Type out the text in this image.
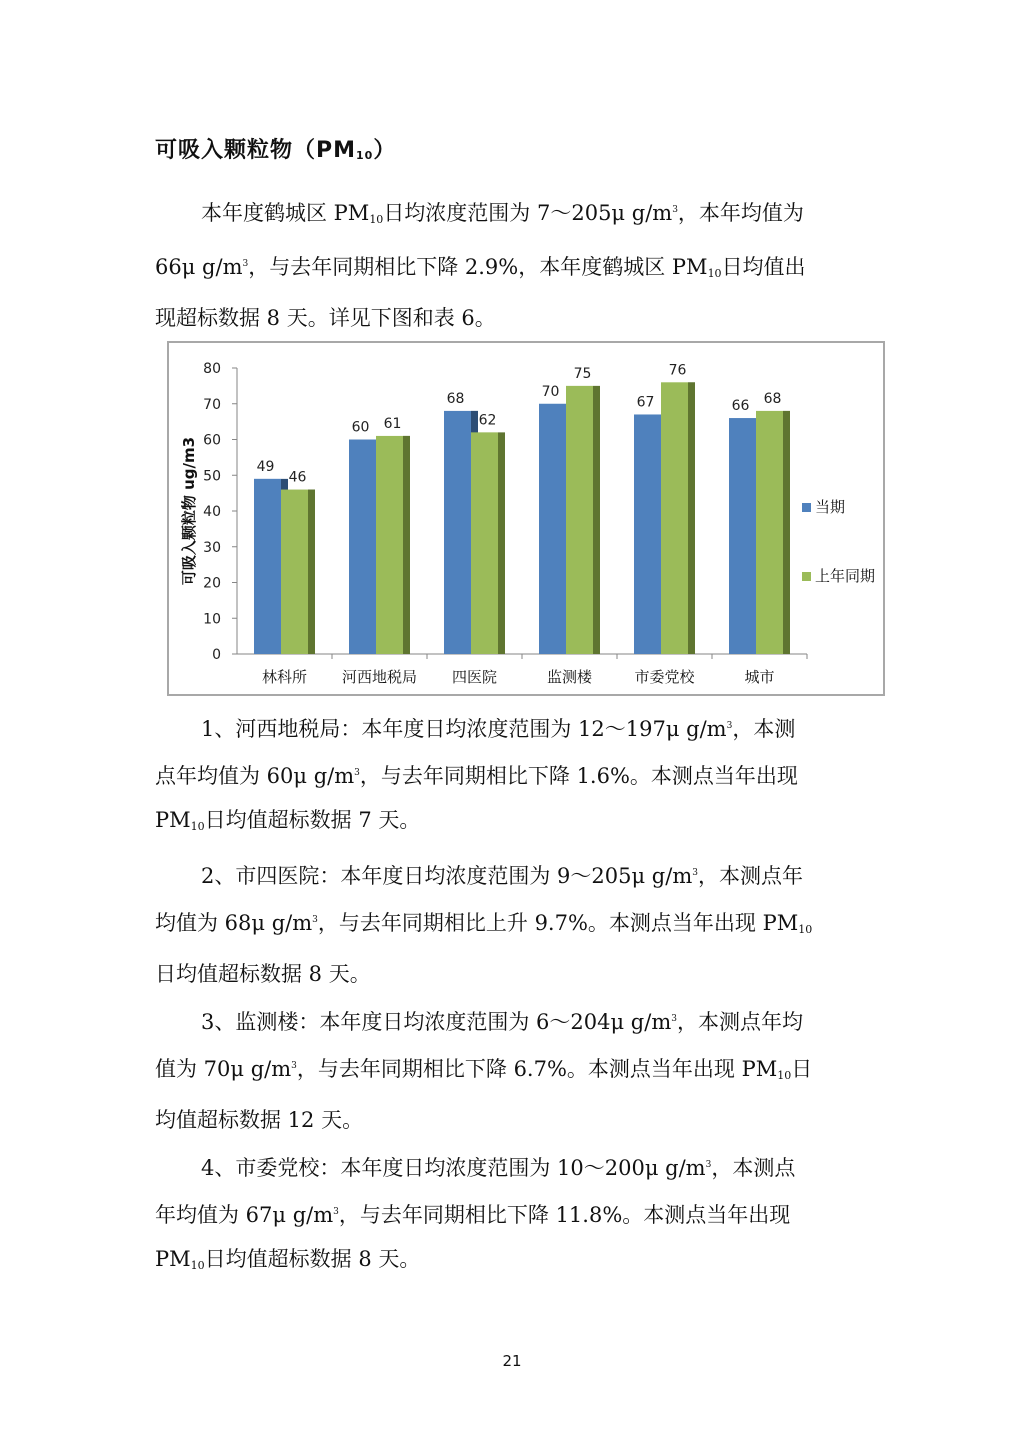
可吸入颗粒物$(PM_{10})$
本年度鹤城区 $PM_{10}$日均浓度范围为 7～205μ $g/m^3$，本年均值为
66μ $g/m^3$，与去年同期相比下降 2.9%，本年度鹤城区 $PM_{10}$日均值出
现超标数据 8 天。详见下图和表 6。
0
10
20
30
40
50
60
70
80
可吸入颗粒物 ug/m3	49
46
林科所
60 61
河西地税局
68
62
四医院
70
75
监测楼
67
76
市委党校
66 68
城市
当期
上年同期
1、河西地税局：本年度日均浓度范围为 12～197μ $g/m^3$，本测
点年均值为 60μ $g/m^3$，与去年同期相比下降 1.6%。本测点当年出现
$PM_{10}$日均值超标数据 7 天。
2、市四医院：本年度日均浓度范围为 9～205μ $g/m^3$，本测点年
均值为 68μ $g/m^3$，与去年同期相比上升 9.7%。本测点当年出现 $PM_{10}$
日均值超标数据 8 天。
3、监测楼：本年度日均浓度范围为 6～204μ $g/m^3$，本测点年均
值为 70μ $g/m^3$，与去年同期相比下降 6.7%。本测点当年出现 $PM_{10}$日
均值超标数据 12 天。
4、市委党校：本年度日均浓度范围为 10～200μ $g/m^3$，本测点
年均值为 67μ $g/m^3$，与去年同期相比下降 11.8%。本测点当年出现
$PM_{10}$日均值超标数据 8 天。
21
